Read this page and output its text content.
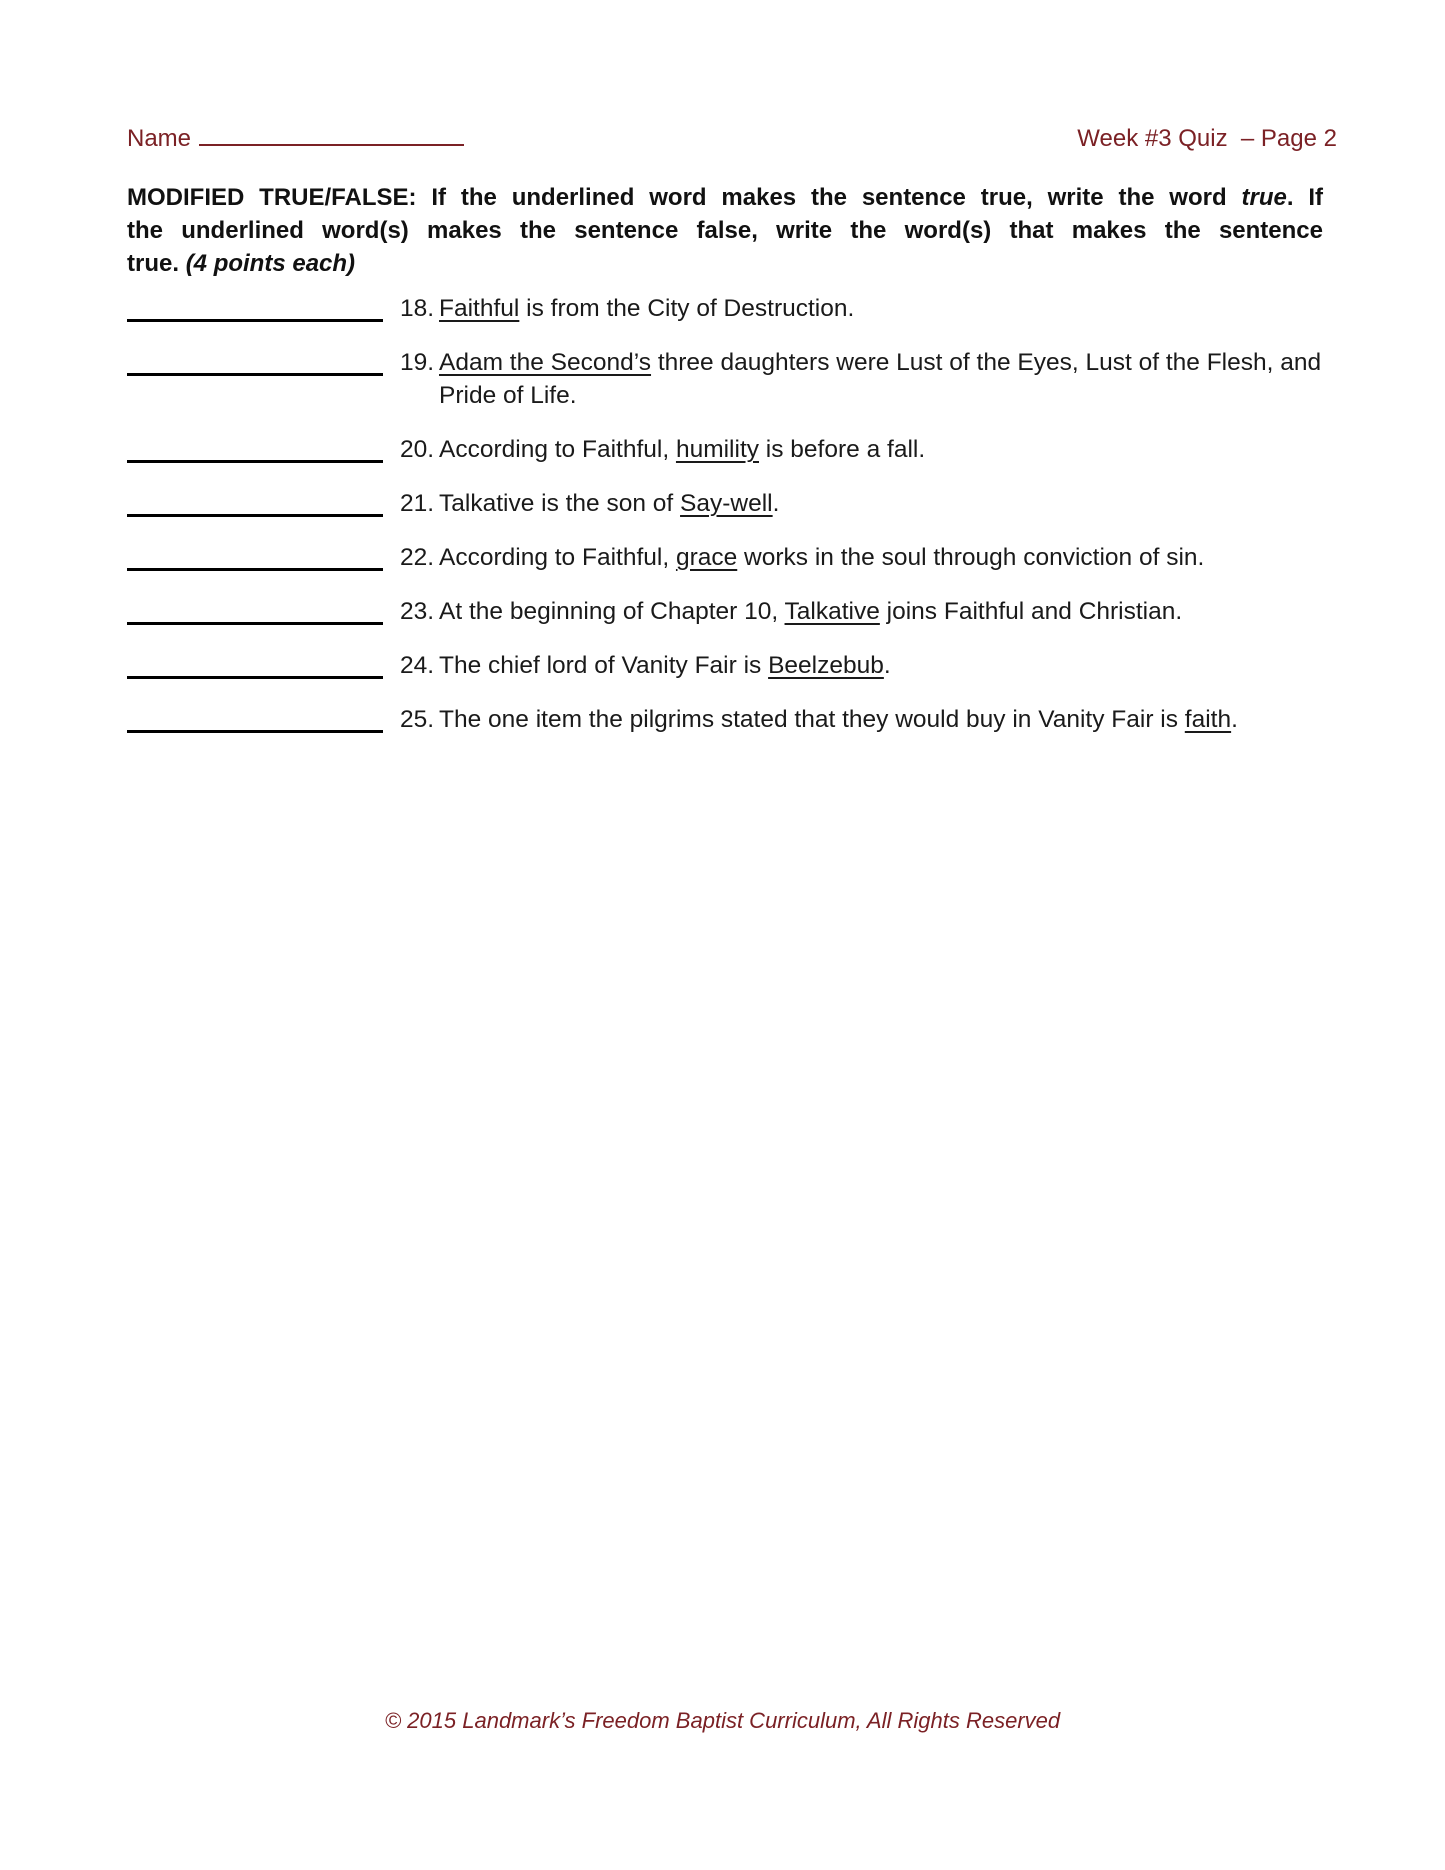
Name	Week #3 Quiz  – Page 2
MODIFIED TRUE/FALSE: If the underlined word makes the sentence true, write the word true. If
the underlined word(s) makes the sentence false, write the word(s) that makes the sentence
true. (4 points each)
18. Faithful is from the City of Destruction.
19. Adam the Second’s three daughters were Lust of the Eyes, Lust of the Flesh, and Pride of Life.
20. According to Faithful, humility is before a fall.
21. Talkative is the son of Say-well.
22. According to Faithful, grace works in the soul through conviction of sin.
23. At the beginning of Chapter 10, Talkative joins Faithful and Christian.
24. The chief lord of Vanity Fair is Beelzebub.
25. The one item the pilgrims stated that they would buy in Vanity Fair is faith.
© 2015 Landmark’s Freedom Baptist Curriculum, All Rights Reserved
